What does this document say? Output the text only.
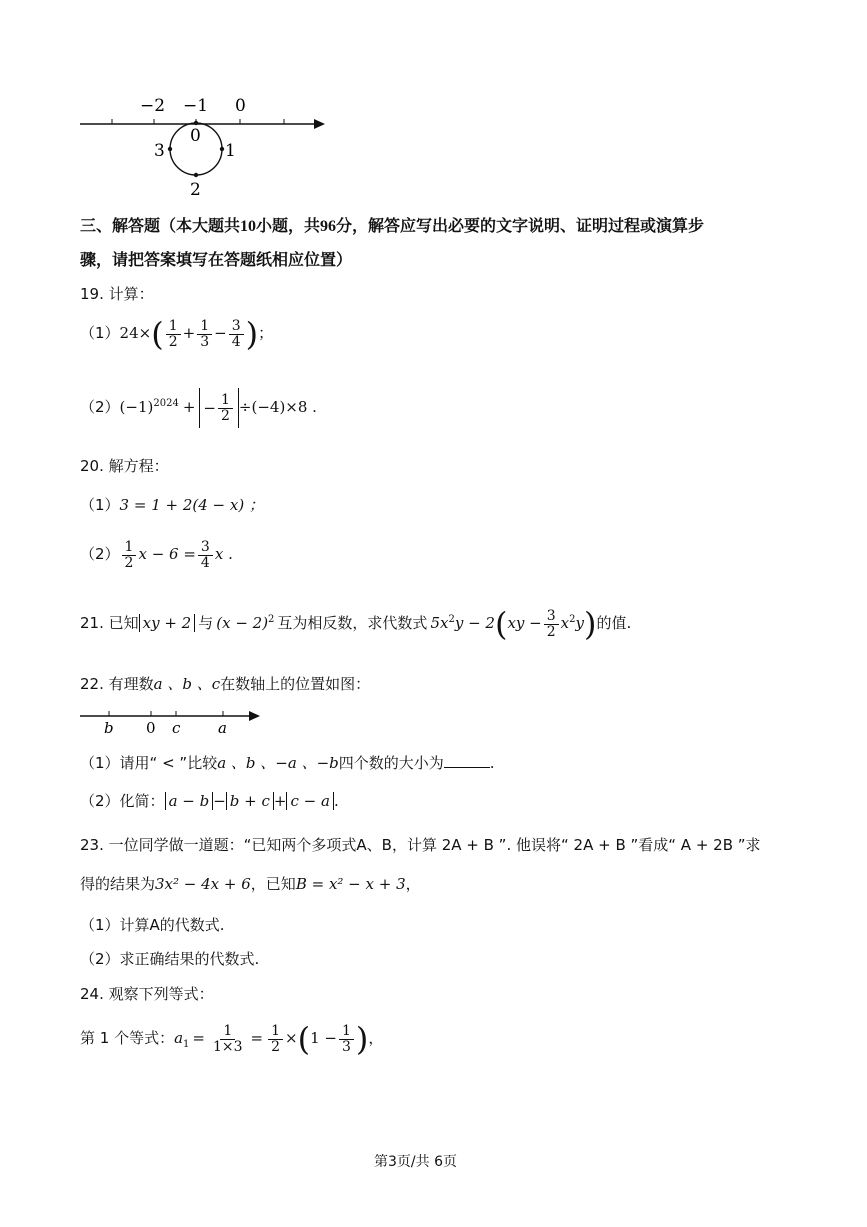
−2 −1 0
0
1
2
3
三、解答题（本大题共10小题，共96分，解答应写出必要的文字说明、证明过程或演算步
骤，请把答案填写在答题纸相应位置）
19. 计算：
$(1)24\times( \frac{1}{2} + \frac{1}{3} - \frac{3}{4}$ )；
$(2)(-1)^{2024}$ + − $\frac{1}{2} \div(-4)\times 8$ .
20. 解方程：
（1）3 = 1 + 2(4 − x) ；
$(2) \frac{1}{2}$ $x - 6 = \frac{3}{4}$ x .
21. 已知 xy + 2 与 $(x - 2)^2$ 互为相反数，求代数式 $5x^2y - 2(xy - \frac{3}{2} x^2y)$的值.
22. 有理数a 、b 、c在数轴上的位置如图：
b 0 c	a
（1）请用“ < ”比较a 、b 、−a 、−b四个数的大小为	.
（2）化简： a − b − b + c + c − a .
23. 一位同学做一道题：“已知两个多项式A、B，计算 2A + B ”. 他误将“ 2A + B ”看成“ A + 2B ”求
得的结果为3x² − 4x + 6，已知B = x² − x + 3，
（1）计算A的代数式.
（2）求正确结果的代数式.
24. 观察下列等式：
第 1 个等式：$a_1 = \frac{1}{1\times 3} = \frac{1}{2} \times(1 - \frac{1}{3}$ )，
第3页/共 6页
